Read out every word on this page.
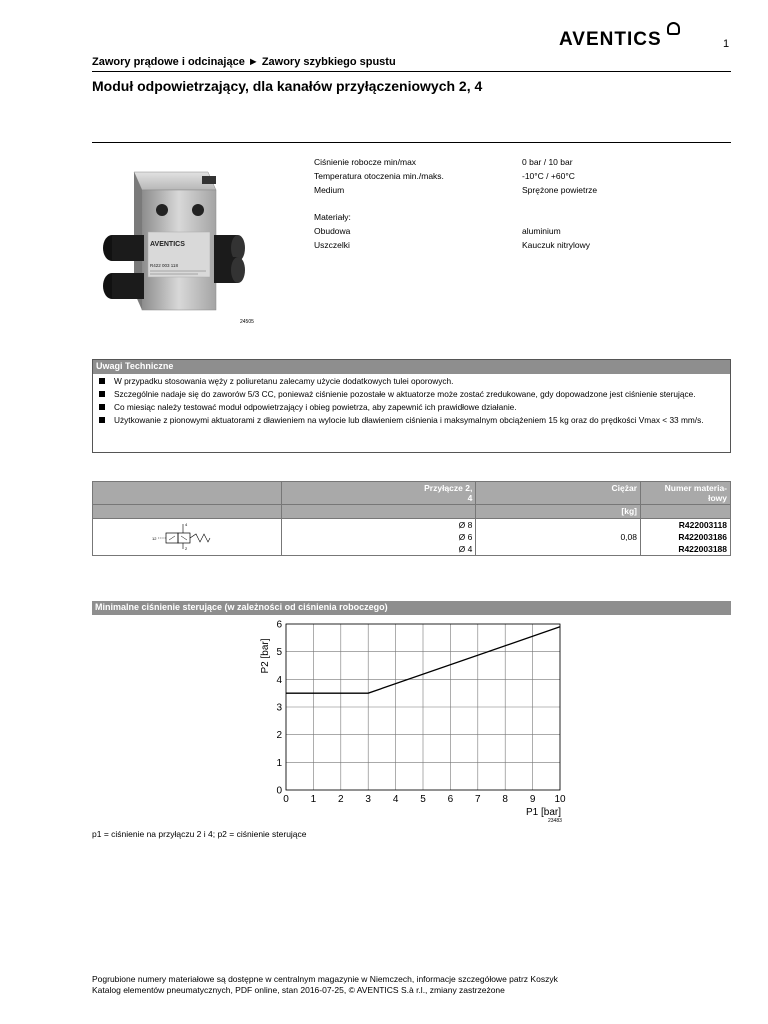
AVENTICS	1
Zawory prądowe i odcinające ► Zawory szybkiego spustu
Moduł odpowietrzający, dla kanałów przyłączeniowych 2, 4
AVENTICS
R422 003 118
24505
Ciśnienie robocze min/max	0 bar / 10 bar
Temperatura otoczenia min./maks.	-10°C / +60°C
Medium	Sprężone powietrze
Materiały:
Obudowa	aluminium
Uszczelki	Kauczuk nitrylowy
Uwagi Techniczne
W przypadku stosowania węży z poliuretanu zalecamy użycie dodatkowych tulei oporowych.
Szczególnie nadaje się do zaworów 5/3 CC, ponieważ ciśnienie pozostałe w aktuatorze może zostać zredukowane, gdy dopowadzone jest ciśnienie sterujące.
Co miesiąc należy testować moduł odpowietrzający i obieg powietrza, aby zapewnić ich prawidłowe działanie.
Użytkowanie z pionowymi aktuatorami z dławieniem na wylocie lub dławieniem ciśnienia i maksymalnym obciążeniem 15 kg oraz do prędkości Vmax < 33 mm/s.
	Przyłącze 2, 4	Ciężar	Numer materia- łowy
		[kg]	

12
4
2	Ø 8	0,08	R422003118
	Ø 6		R422003186
	Ø 4		R422003188
Minimalne ciśnienie sterujące (w zależności od ciśnienia roboczego)
0 1 2 3 4 5 6 7 8 9 10
0
1
2
3
4
5
6
P2 [bar]
P1 [bar]
23483
p1 = ciśnienie na przyłączu 2 i 4; p2 = ciśnienie sterujące
Pogrubione numery materiałowe są dostępne w centralnym magazynie w Niemczech, informacje szczegółowe patrz Koszyk
Katalog elementów pneumatycznych, PDF online, stan 2016-07-25, © AVENTICS S.à r.l., zmiany zastrzeżone
